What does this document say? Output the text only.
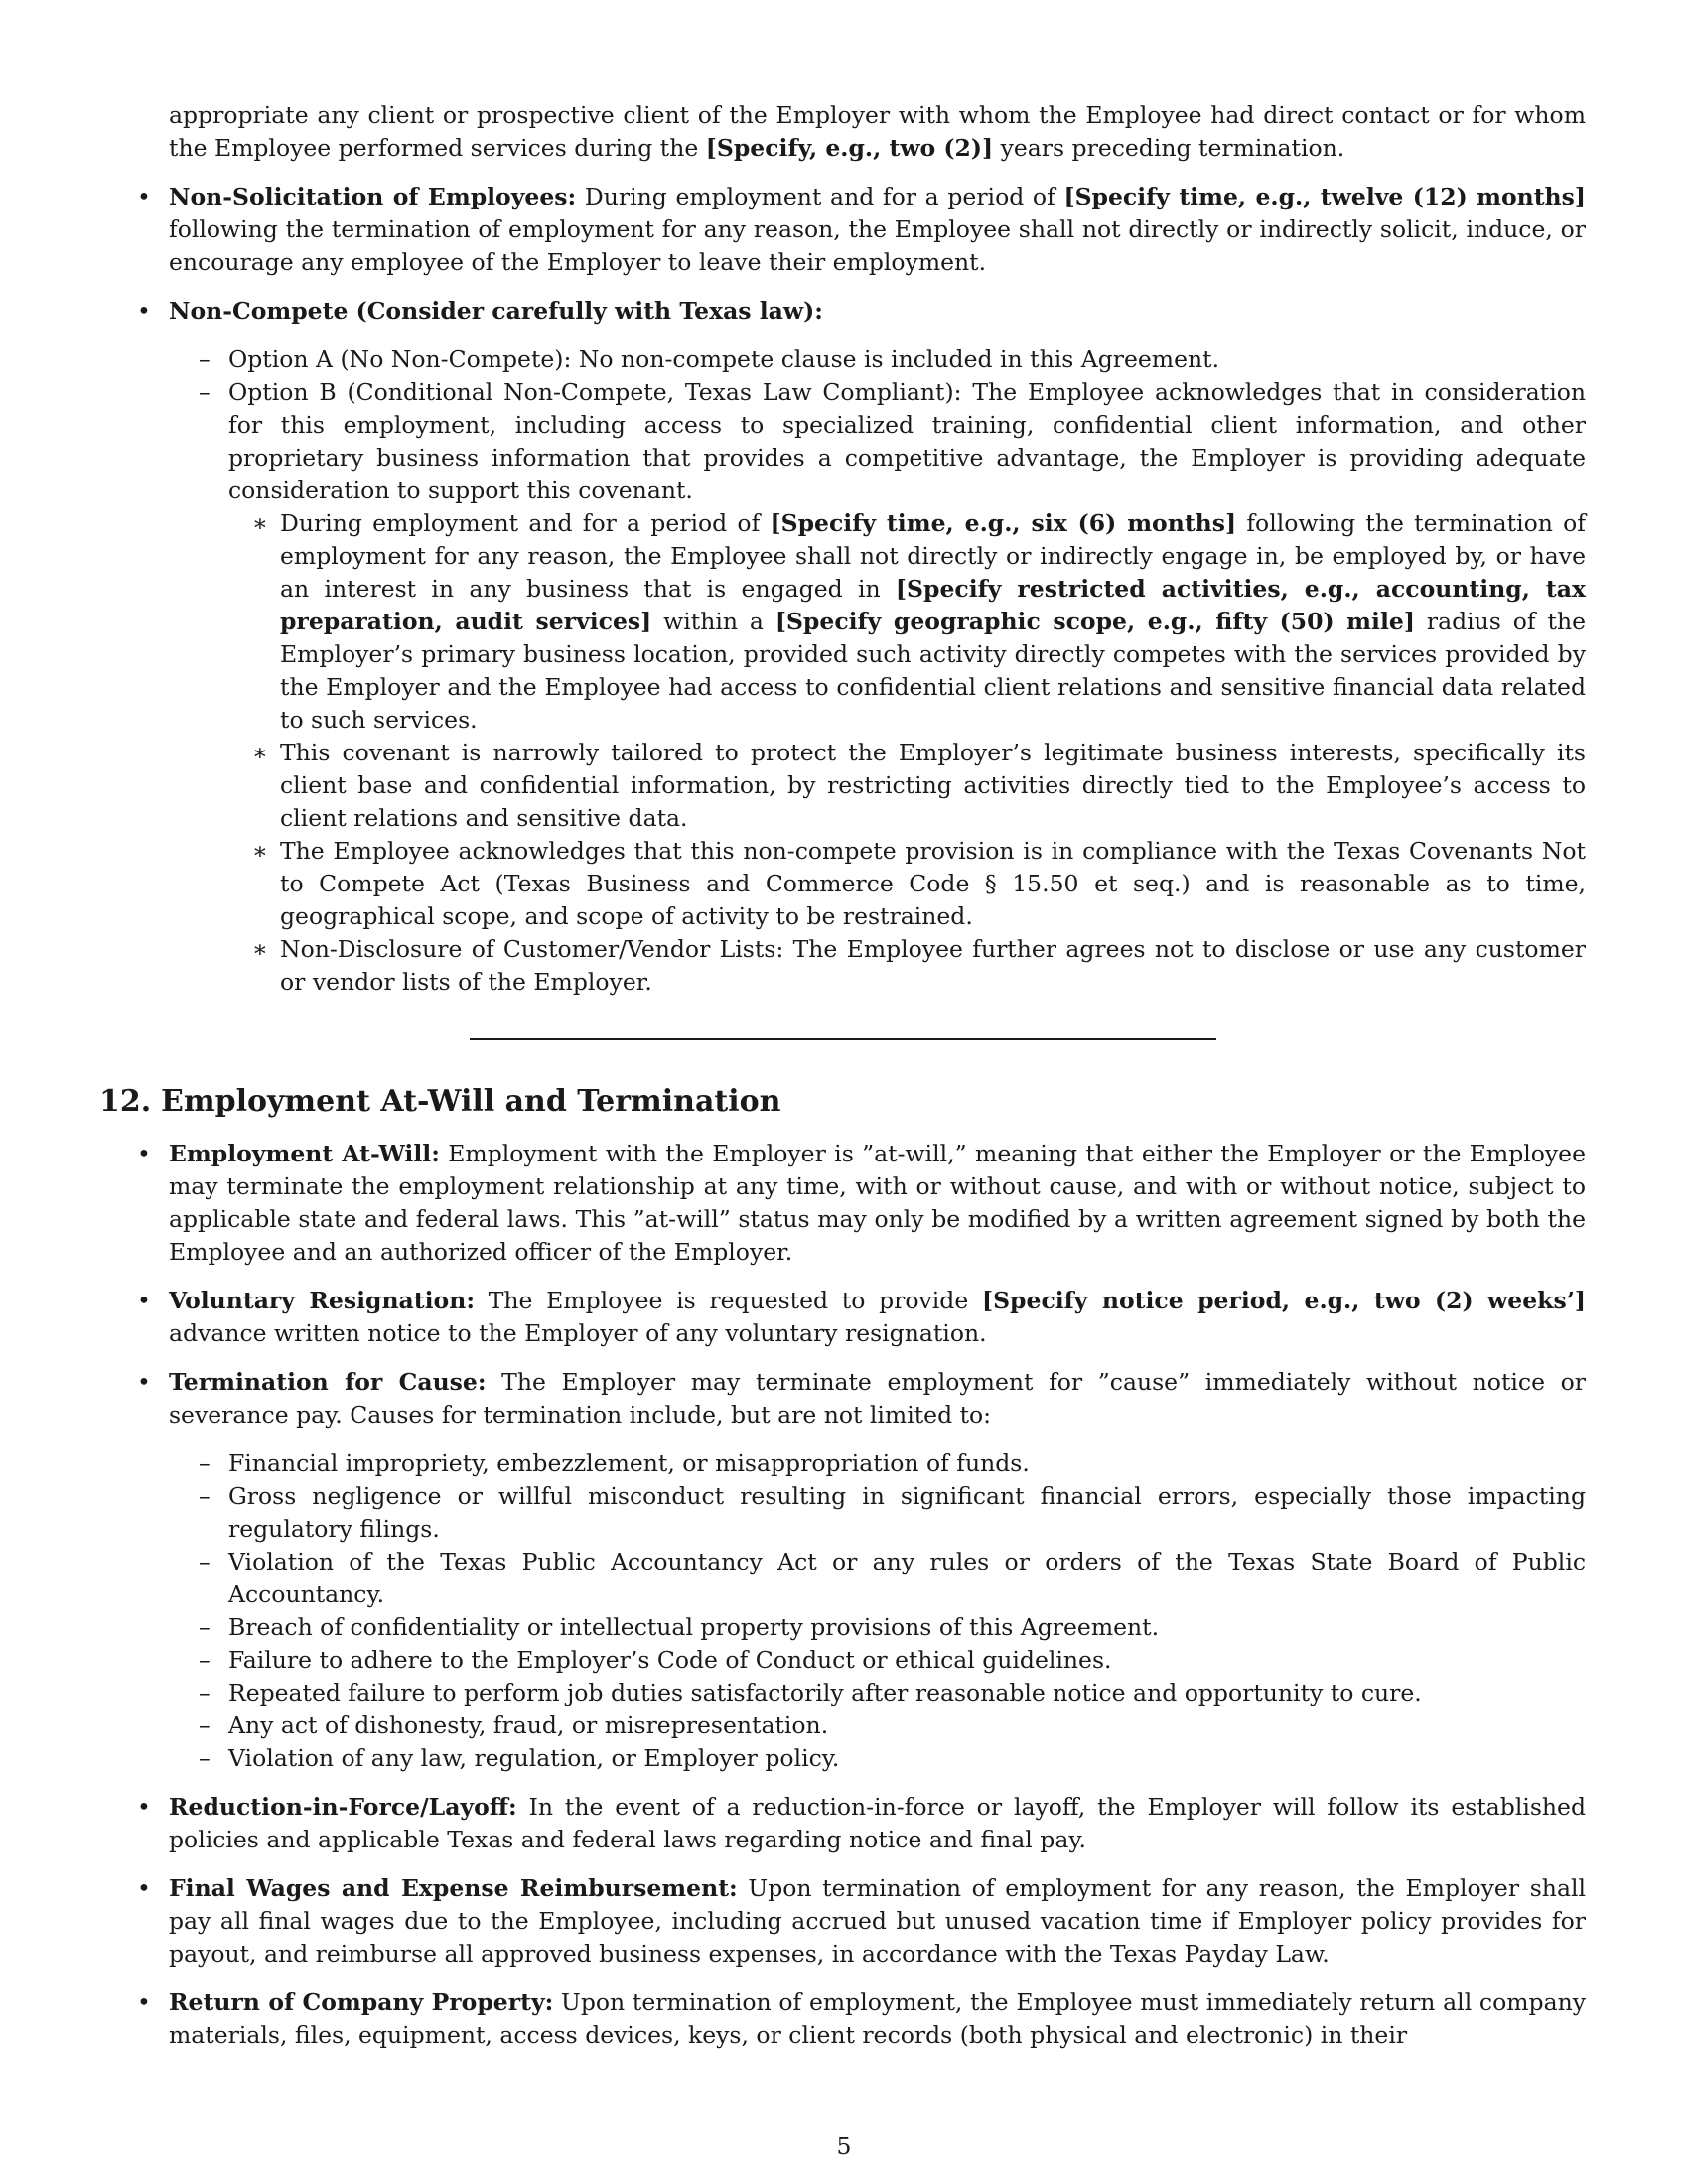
appropriate any client or prospective client of the Employer with whom the Employee had direct contact or for whom the Employee performed services during the [Specify, e.g., two (2)] years preceding termination.

• Non-Solicitation of Employees: During employment and for a period of [Specify time, e.g., twelve (12) months] following the termination of employment for any reason, the Employee shall not directly or indirectly solicit, induce, or encourage any employee of the Employer to leave their employment.
• Non-Compete (Consider carefully with Texas law):
– Option A (No Non-Compete): No non-compete clause is included in this Agreement.
– Option B (Conditional Non-Compete, Texas Law Compliant): The Employee acknowledges that in consideration for this employment, including access to specialized training, confidential client information, and other proprietary business information that provides a competitive advantage, the Employer is providing adequate consideration to support this covenant.
∗ During employment and for a period of [Specify time, e.g., six (6) months] following the termination of employment for any reason, the Employee shall not directly or indirectly engage in, be employed by, or have an interest in any business that is engaged in [Specify restricted activities, e.g., accounting, tax preparation, audit services] within a [Specify geographic scope, e.g., fifty (50) mile] radius of the Employer’s primary business location, provided such activity directly competes with the services provided by the Employer and the Employee had access to confidential client relations and sensitive financial data related to such services.
∗ This covenant is narrowly tailored to protect the Employer’s legitimate business interests, specifically its client base and confidential information, by restricting activities directly tied to the Employee’s access to client relations and sensitive data.
∗ The Employee acknowledges that this non-compete provision is in compliance with the Texas Covenants Not to Compete Act (Texas Business and Commerce Code § 15.50 et seq.) and is reasonable as to time, geographical scope, and scope of activity to be restrained.
∗ Non-Disclosure of Customer/Vendor Lists: The Employee further agrees not to disclose or use any customer or vendor lists of the Employer.
12. Employment At-Will and Termination
• Employment At-Will: Employment with the Employer is ”at-will,” meaning that either the Employer or the Employee may terminate the employment relationship at any time, with or without cause, and with or without notice, subject to applicable state and federal laws. This ”at-will” status may only be modified by a written agreement signed by both the Employee and an authorized officer of the Employer.
• Voluntary Resignation: The Employee is requested to provide [Specify notice period, e.g., two (2) weeks’] advance written notice to the Employer of any voluntary resignation.
• Termination for Cause: The Employer may terminate employment for ”cause” immediately without notice or severance pay. Causes for termination include, but are not limited to:
– Financial impropriety, embezzlement, or misappropriation of funds.
– Gross negligence or willful misconduct resulting in significant financial errors, especially those impacting regulatory filings.
– Violation of the Texas Public Accountancy Act or any rules or orders of the Texas State Board of Public Accountancy.
– Breach of confidentiality or intellectual property provisions of this Agreement.
– Failure to adhere to the Employer’s Code of Conduct or ethical guidelines.
– Repeated failure to perform job duties satisfactorily after reasonable notice and opportunity to cure.
– Any act of dishonesty, fraud, or misrepresentation.
– Violation of any law, regulation, or Employer policy.
• Reduction-in-Force/Layoff: In the event of a reduction-in-force or layoff, the Employer will follow its established policies and applicable Texas and federal laws regarding notice and final pay.
• Final Wages and Expense Reimbursement: Upon termination of employment for any reason, the Employer shall pay all final wages due to the Employee, including accrued but unused vacation time if Employer policy provides for payout, and reimburse all approved business expenses, in accordance with the Texas Payday Law.
• Return of Company Property: Upon termination of employment, the Employee must immediately return all company materials, files, equipment, access devices, keys, or client records (both physical and electronic) in their
5
